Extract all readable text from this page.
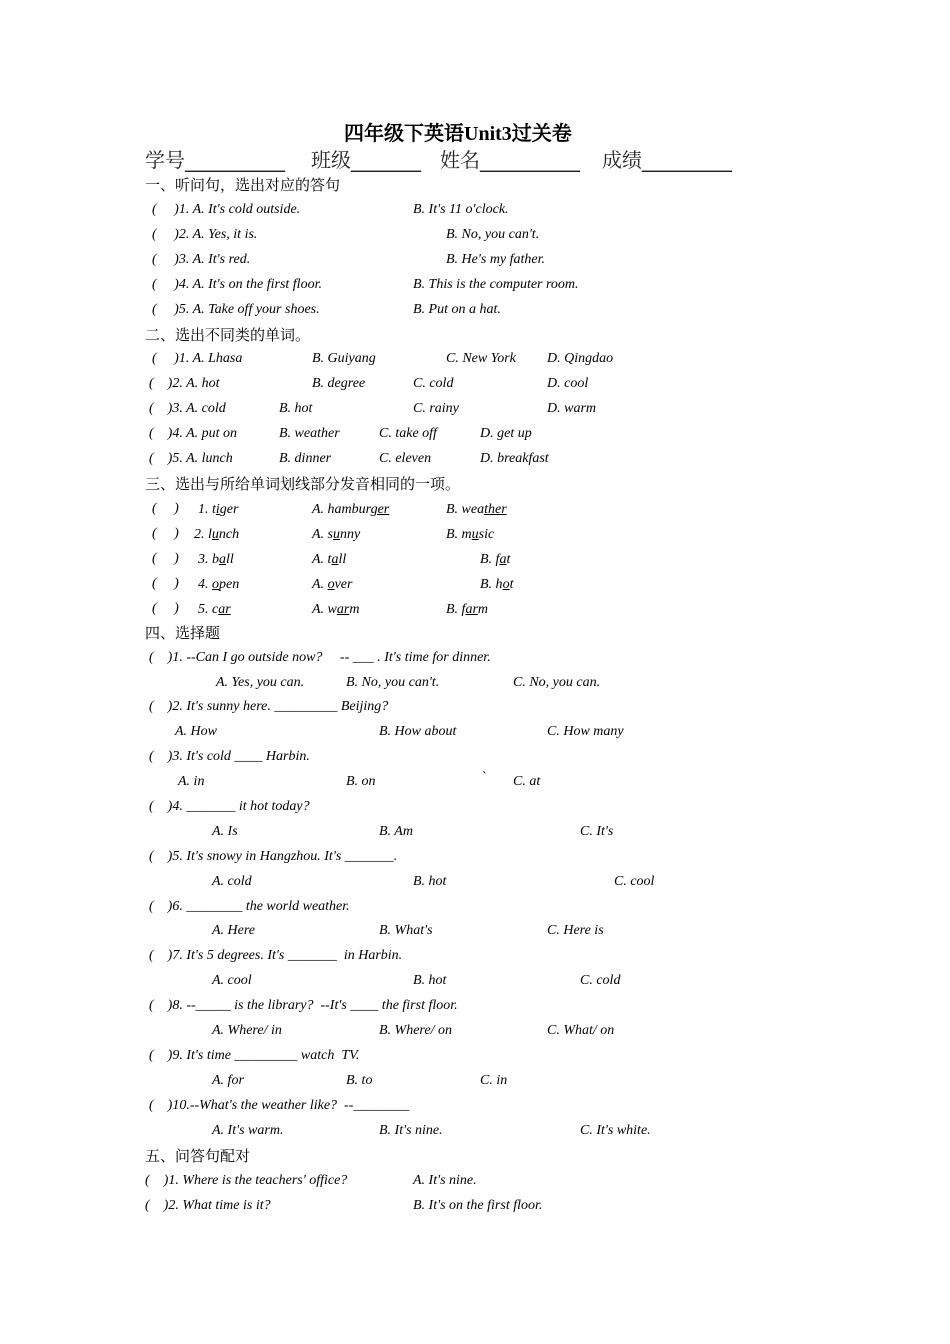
四年级下英语Unit3过关卷
学号__________ 班级_______ 姓名__________ 成绩_________
一、听问句，选出对应的答句
(     )1. A. It's cold outside.	B. It's 11 o'clock.
(     )2. A. Yes, it is.	B. No, you can't.
(     )3. A. It's red.	B. He's my father.
(     )4. A. It's on the first floor.	B. This is the computer room.
(     )5. A. Take off your shoes.	B. Put on a hat.
二、选出不同类的单词。
(     )1. A. Lhasa	B. Guiyang	C. New York D. Qingdao
(    )2. A. hot	B. degree	C. cold	D. cool
(    )3. A. cold	B. hot	C. rainy	D. warm
(    )4. A. put on	B. weather	C. take off	D. get up
(    )5. A. lunch	B. dinner	C. eleven	D. breakfast
三、选出与所给单词划线部分发音相同的一项。
(     ) 1. tiger	A. hamburger	B. weather
(     ) 2. lunch	A. sunny	B. music
(     ) 3. ball	A. tall	B. fat
(     ) 4. open	A. over	B. hot
(     ) 5. car	A. warm	B. farm
四、选择题
(    )1. --Can I go outside now?     -- ___ . It's time for dinner.
A. Yes, you can.	B. No, you can't.	C. No, you can.
(    )2. It's sunny here. _________ Beijing?
A. How	B. How about	C. How many
(    )3. It's cold ____ Harbin.
A. in	B. on	` C. at
(    )4. _______ it hot today?
A. Is	B. Am	C. It's
(    )5. It's snowy in Hangzhou. It's _______.
A. cold	B. hot	C. cool
(    )6. ________ the world weather.
A. Here	B. What's	C. Here is
(    )7. It's 5 degrees. It's _______  in Harbin.
A. cool	B. hot	C. cold
(    )8. --_____ is the library?  --It's ____ the first floor.
A. Where/ in	B. Where/ on	C. What/ on
(    )9. It's time _________ watch  TV.
A. for	B. to	C. in
(    )10.--What's the weather like?  --________
A. It's warm.	B. It's nine.	C. It's white.
五、问答句配对
(    )1. Where is the teachers' office?	A. It's nine.
(    )2. What time is it?	B. It's on the first floor.
